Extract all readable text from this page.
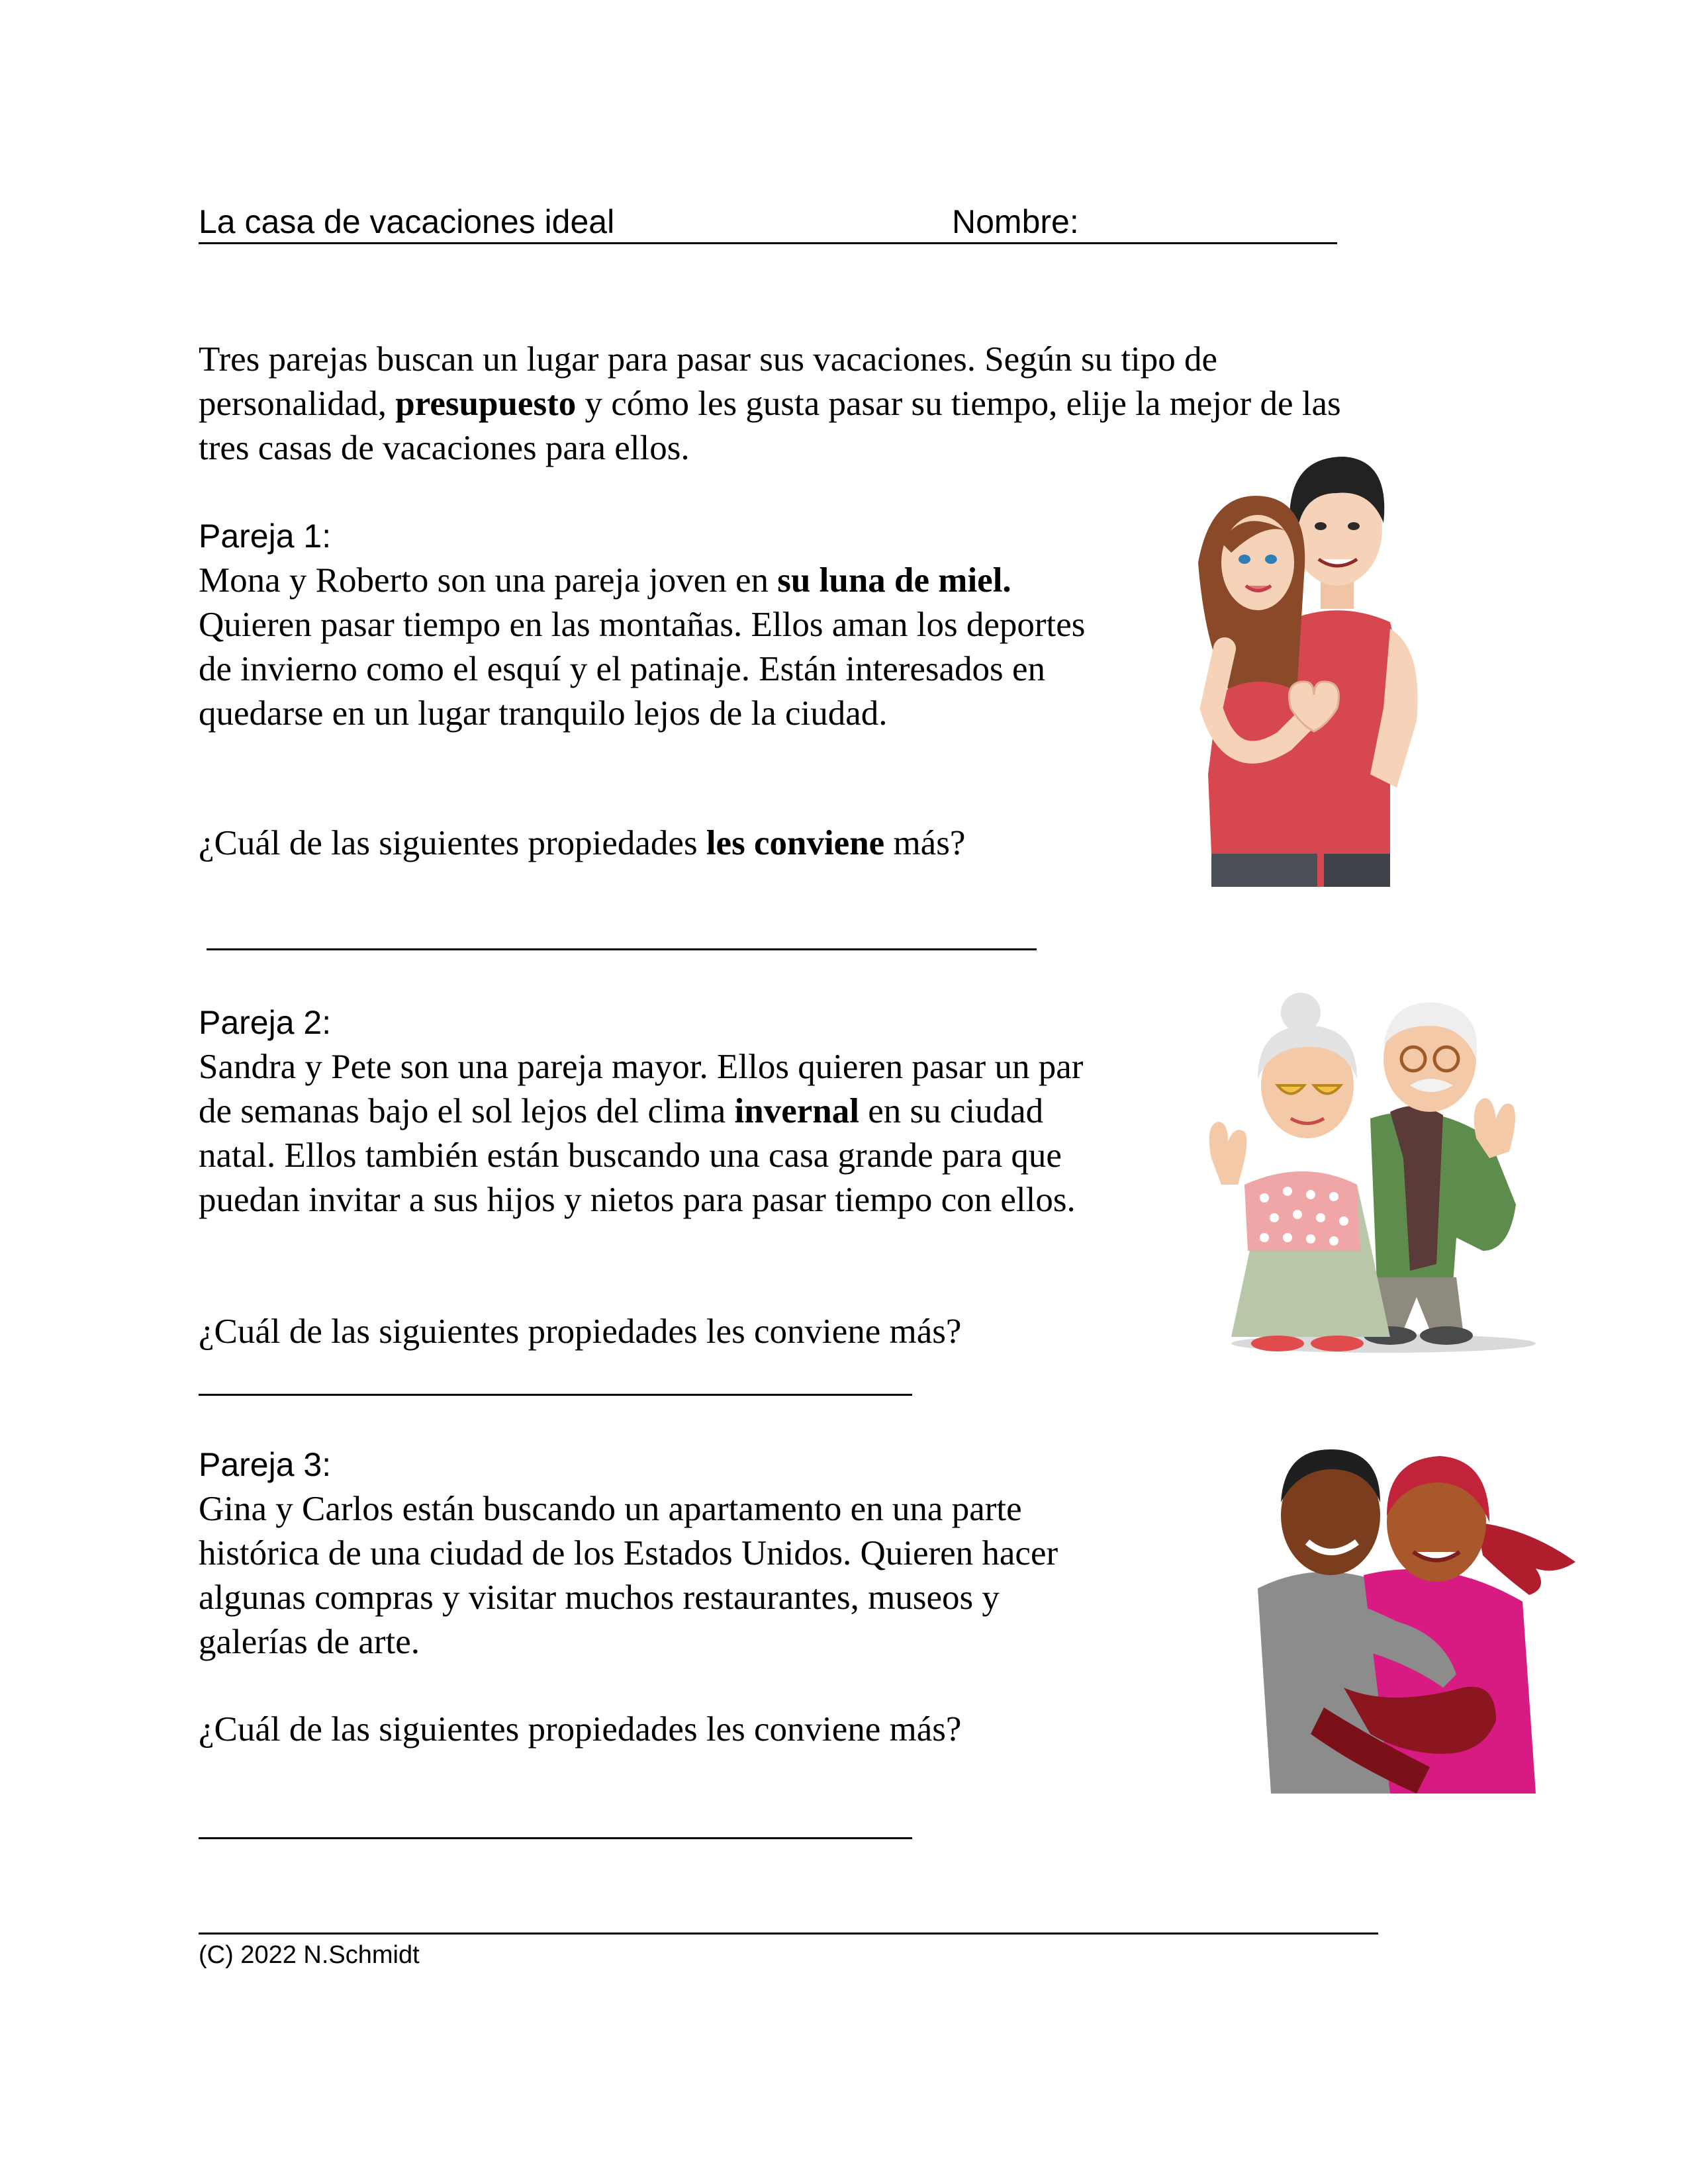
La casa de vacaciones ideal	Nombre:

Tres parejas buscan un lugar para pasar sus vacaciones. Según su tipo de personalidad, presupuesto y cómo les gusta pasar su tiempo, elije la mejor de las tres casas de vacaciones para ellos.

Pareja 1:

Mona y Roberto son una pareja joven en su luna de miel. Quieren pasar tiempo en las montañas. Ellos aman los deportes de invierno como el esquí y el patinaje. Están interesados en quedarse en un lugar tranquilo lejos de la ciudad.

¿Cuál de las siguientes propiedades les conviene más?

Pareja 2:

Sandra y Pete son una pareja mayor. Ellos quieren pasar un par de semanas bajo el sol lejos del clima invernal en su ciudad natal. Ellos también están buscando una casa grande para que puedan invitar a sus hijos y nietos para pasar tiempo con ellos.

¿Cuál de las siguientes propiedades les conviene más?

Pareja 3:

Gina y Carlos están buscando un apartamento en una parte histórica de una ciudad de los Estados Unidos. Quieren hacer algunas compras y visitar muchos restaurantes, museos y galerías de arte.

¿Cuál de las siguientes propiedades les conviene más?

(C) 2022 N.Schmidt
